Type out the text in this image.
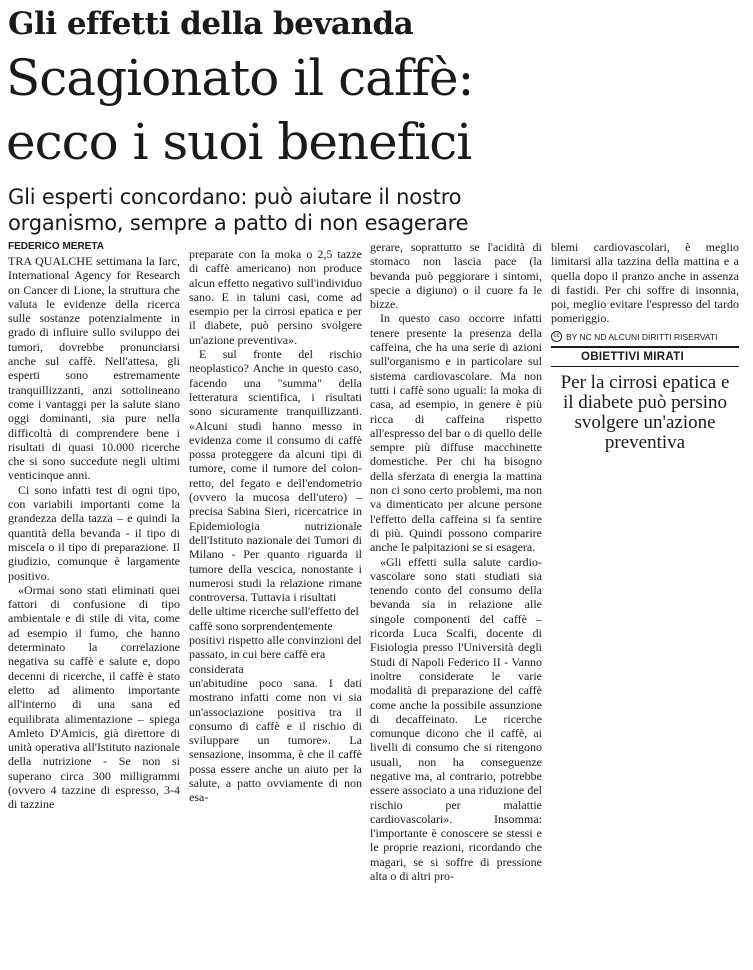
Gli effetti della bevanda
Scagionato il caffè:
ecco i suoi benefici
Gli esperti concordano: può aiutare il nostro
organismo, sempre a patto di non esagerare
FEDERICO MERETA

TRA QUALCHE settimana la Iarc, International Agency for Research on Cancer di Lione, la struttura che valuta le evidenze della ricerca sulle sostanze potenzialmente in grado di influire sullo sviluppo dei tumori, dovrebbe pronunciarsi anche sul caffè. Nell'attesa, gli esperti sono estremamente tranquillizzanti, anzi sottolineano come i vantaggi per la salute siano oggi dominanti, sia pure nella difficoltà di comprendere bene i risultati di quasi 10.000 ricerche che si sono succedute negli ultimi venticinque anni.

Ci sono infatti test di ogni tipo, con variabili importanti come la grandezza della tazza – e quindi la quantità della bevanda - il tipo di miscela o il tipo di preparazione. Il giudizio, comunque è largamente positivo.

«Ormai sono stati eliminati quei fattori di confusione di tipo ambientale e di stile di vita, come ad esempio il fumo, che hanno determinato la correlazione negativa su caffè e salute e, dopo decenni di ricerche, il caffè è stato eletto ad alimento importante all'interno di una sana ed equilibrata alimentazione – spiega Amleto D'Amicis, già direttore di unità operativa all'Istituto nazionale della nutrizione - Se non si superano circa 300 milligrammi (ovvero 4 tazzine di espresso, 3-4 di tazzine

preparate con la moka o 2,5 tazze di caffè americano) non produce alcun effetto negativo sull'individuo sano. E in taluni casi, come ad esempio per la cirrosi epatica e per il diabete, può persino svolgere un'azione preventiva».

E sul fronte del rischio neoplastico? Anche in questo caso, facendo una "summa" della letteratura scientifica, i risultati sono sicuramente tranquillizzanti. «Alcuni studi hanno messo in evidenza come il consumo di caffè possa proteggere da alcuni tipi di tumore, come il tumore del colon-retto, del fegato e dell'endometrio (ovvero la mucosa dell'utero) – precisa Sabina Sieri, ricercatrice in Epidemiologia nutrizionale dell'Istituto nazionale dei Tumori di Milano - Per quanto riguarda il tumore della vescica, nonostante i numerosi studi la relazione rimane controversa. Tuttavia i risultati

delle ultime ricerche sull'effetto del caffè sono sorprendentemente positivi rispetto alle convinzioni del passato, in cui bere caffè era considerata

un'abitudine poco sana. I dati mostrano infatti come non vi sia un'associazione positiva tra il consumo di caffè e il rischio di sviluppare un tumore». La sensazione, insomma, è che il caffè possa essere anche un aiuto per la salute, a patto ovviamente di non esa-

gerare, soprattutto se l'acidità di stomaco non lascia pace (la bevanda può peggiorare i sintomi, specie a digiuno) o il cuore fa le bizze.

In questo caso occorre infatti tenere presente la presenza della caffeina, che ha una serie di azioni sull'organismo e in particolare sul sistema cardiovascolare. Ma non tutti i caffè sono uguali: la moka di casa, ad esempio, in genere è più ricca di caffeina rispetto all'espresso del bar o di quello delle sempre più diffuse macchinette domestiche. Per chi ha bisogno della sferzata di energia la mattina non ci sono certo problemi, ma non va dimenticato per alcune persone l'effetto della caffeina si fa sentire di più. Quindi possono comparire anche le palpitazioni se si esagera.

«Gli effetti sulla salute cardio-vascolare sono stati studiati sia tenendo conto del consumo della bevanda sia in relazione alle singole componenti del caffè – ricorda Luca Scalfi, docente di Fisiologia presso l'Università degli Studi di Napoli Federico II - Vanno inoltre considerate le varie modalità di preparazione del caffè come anche la possibile assunzione di decaffeinato. Le ricerche comunque dicono che il caffè, ai livelli di consumo che si ritengono usuali, non ha conseguenze negative ma, al contrario, potrebbe essere associato a una riduzione del rischio per malattie cardiovascolari». Insomma: l'importante è conoscere se stessi e le proprie reazioni, ricordando che magari, se si soffre di pressione alta o di altri pro-

blemi cardiovascolari, è meglio limitarsi alla tazzina della mattina e a quella dopo il pranzo anche in assenza di fastidi. Per chi soffre di insonnia, poi, meglio evitare l'espresso del tardo pomeriggio.

cc BY NC ND ALCUNI DIRITTI RISERVATI
OBIETTIVI MIRATI
Per la cirrosi epatica e il diabete può persino svolgere un'azione preventiva
